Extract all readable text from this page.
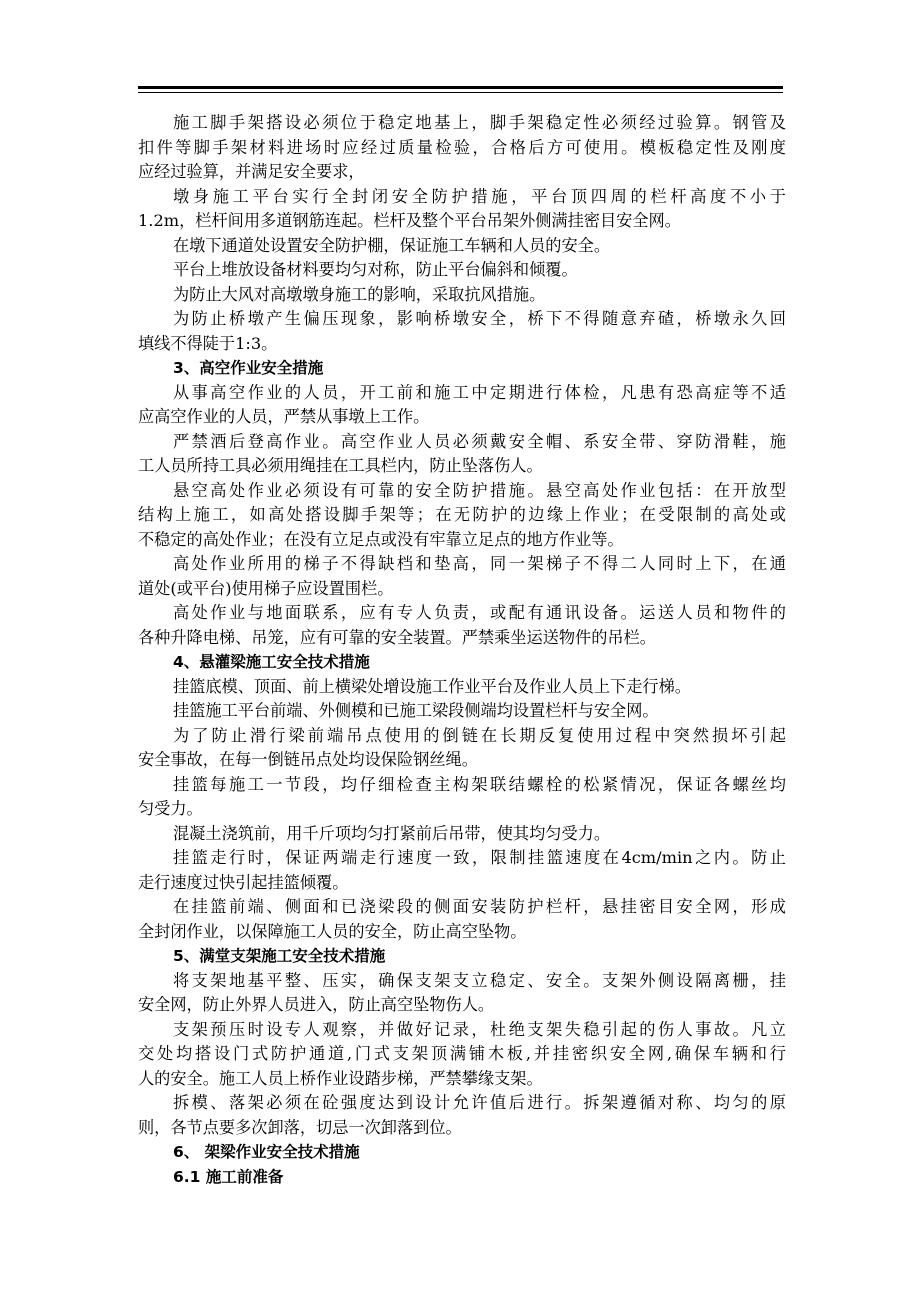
施工脚手架搭设必须位于稳定地基上，脚手架稳定性必须经过验算。钢管及
扣件等脚手架材料进场时应经过质量检验，合格后方可使用。模板稳定性及刚度
应经过验算，并满足安全要求，
墩身施工平台实行全封闭安全防护措施，平台顶四周的栏杆高度不小于
1.2m，栏杆间用多道钢筋连起。栏杆及整个平台吊架外侧满挂密目安全网。
在墩下通道处设置安全防护棚，保证施工车辆和人员的安全。
平台上堆放设备材料要均匀对称，防止平台偏斜和倾覆。
为防止大风对高墩墩身施工的影响，采取抗风措施。
为防止桥墩产生偏压现象，影响桥墩安全，桥下不得随意弃碴，桥墩永久回
填线不得陡于1:3。
3、高空作业安全措施
从事高空作业的人员，开工前和施工中定期进行体检，凡患有恐高症等不适
应高空作业的人员，严禁从事墩上工作。
严禁酒后登高作业。高空作业人员必须戴安全帽、系安全带、穿防滑鞋，施
工人员所持工具必须用绳挂在工具栏内，防止坠落伤人。
悬空高处作业必须设有可靠的安全防护措施。悬空高处作业包括：在开放型
结构上施工，如高处搭设脚手架等；在无防护的边缘上作业；在受限制的高处或
不稳定的高处作业；在没有立足点或没有牢靠立足点的地方作业等。
高处作业所用的梯子不得缺档和垫高，同一架梯子不得二人同时上下，在通
道处(或平台)使用梯子应设置围栏。
高处作业与地面联系，应有专人负责，或配有通讯设备。运送人员和物件的
各种升降电梯、吊笼，应有可靠的安全装置。严禁乘坐运送物件的吊栏。
4、悬灌梁施工安全技术措施
挂篮底模、顶面、前上横梁处增设施工作业平台及作业人员上下走行梯。
挂篮施工平台前端、外侧模和已施工梁段侧端均设置栏杆与安全网。
为了防止滑行梁前端吊点使用的倒链在长期反复使用过程中突然损坏引起
安全事故，在每一倒链吊点处均设保险钢丝绳。
挂篮每施工一节段，均仔细检查主构架联结螺栓的松紧情况，保证各螺丝均
匀受力。
混凝土浇筑前，用千斤项均匀打紧前后吊带，使其均匀受力。
挂篮走行时，保证两端走行速度一致，限制挂篮速度在4cm/min之内。防止
走行速度过快引起挂篮倾覆。
在挂篮前端、侧面和已浇梁段的侧面安装防护栏杆，悬挂密目安全网，形成
全封闭作业，以保障施工人员的安全，防止高空坠物。
5、满堂支架施工安全技术措施
将支架地基平整、压实，确保支架支立稳定、安全。支架外侧设隔离栅，挂
安全网，防止外界人员进入，防止高空坠物伤人。
支架预压时设专人观察，并做好记录，杜绝支架失稳引起的伤人事故。凡立
交处均搭设门式防护通道,门式支架顶满铺木板,并挂密织安全网,确保车辆和行
人的安全。施工人员上桥作业设踏步梯，严禁攀缘支架。
拆模、落架必须在砼强度达到设计允许值后进行。拆架遵循对称、均匀的原
则，各节点要多次卸落，切忌一次卸落到位。
6、 架梁作业安全技术措施
6.1 施工前准备
